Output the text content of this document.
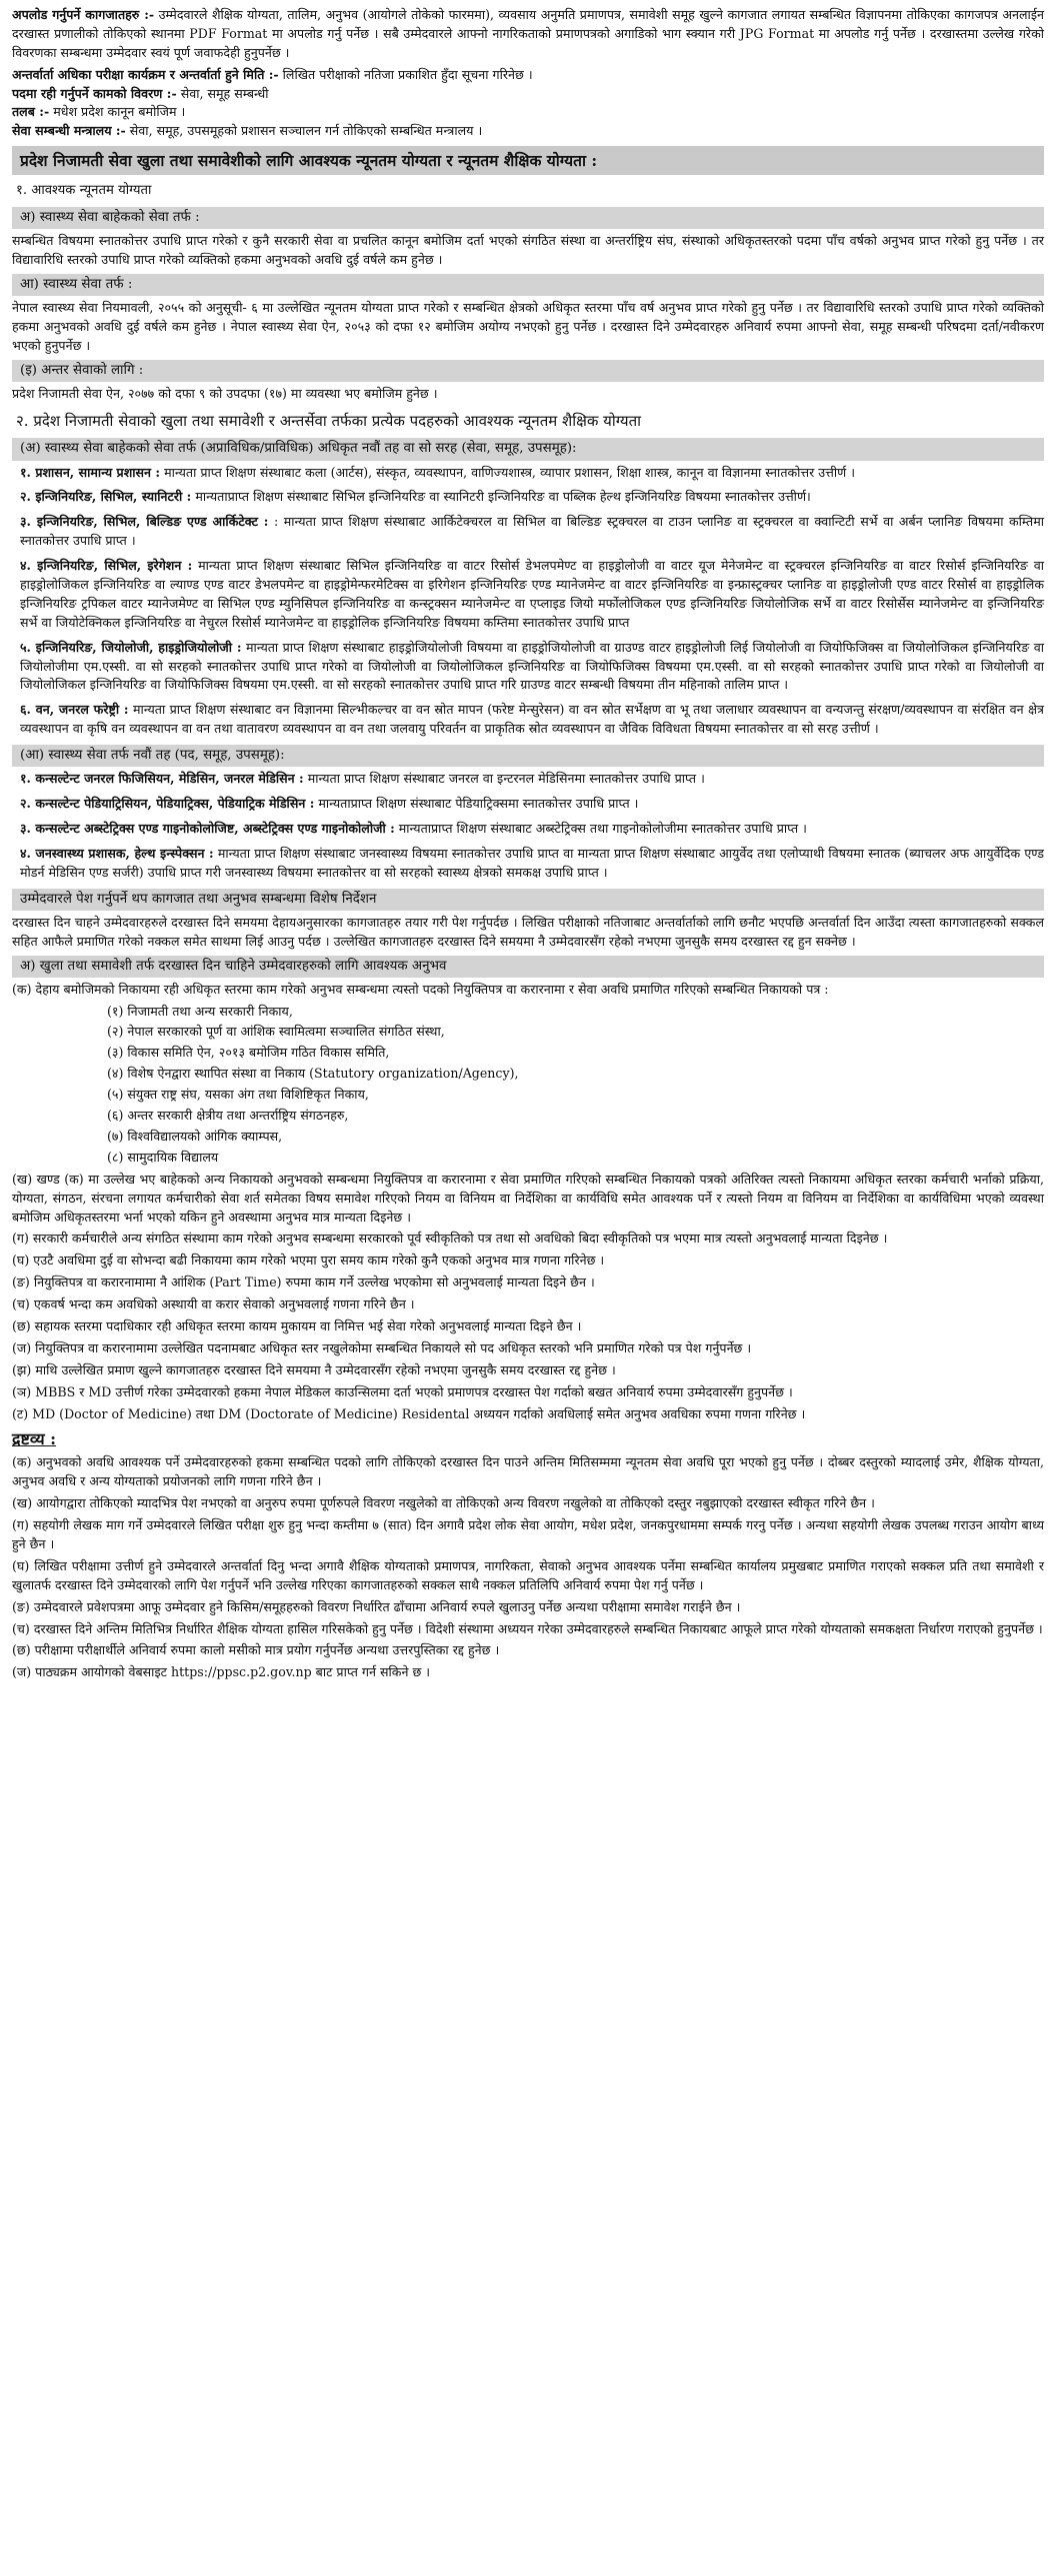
अपलोड गर्नुपर्ने कागजातहरु :- उम्मेदवारले शैक्षिक योग्यता, तालिम, अनुभव (आयोगले तोकेको फारममा), व्यवसाय अनुमति प्रमाणपत्र, समावेशी समूह खुल्ने कागजात लगायत सम्बन्धित विज्ञापनमा तोकिएका कागजपत्र अनलाईन दरखास्त प्रणालीको तोकिएको स्थानमा PDF Format मा अपलोड गर्नु पर्नेछ । सबै उम्मेदवारले आफ्नो नागरिकताको प्रमाणपत्रको अगाडिको भाग स्क्यान गरी JPG Format मा अपलोड गर्नु पर्नेछ । दरखास्तमा उल्लेख गरेको विवरणका सम्बन्धमा उम्मेदवार स्वयं पूर्ण जवाफदेही हुनुपर्नेछ ।

अन्तर्वार्ता अधिका परीक्षा कार्यक्रम र अन्तर्वार्ता हुने मिति :- लिखित परीक्षाको नतिजा प्रकाशित हुँदा सूचना गरिनेछ ।

पदमा रही गर्नुपर्ने कामको विवरण :- सेवा, समूह सम्बन्धी

तलब :- मधेश प्रदेश कानून बमोजिम ।

सेवा सम्बन्धी मन्त्रालय :- सेवा, समूह, उपसमूहको प्रशासन सञ्चालन गर्न तोकिएको सम्बन्धित मन्त्रालय ।

प्रदेश निजामती सेवा खुला तथा समावेशीको लागि आवश्यक न्यूनतम योग्यता र न्यूनतम शैक्षिक योग्यता :
१. आवश्यक न्यूनतम योग्यता
अ) स्वास्थ्य सेवा बाहेकको सेवा तर्फ :

सम्बन्धित विषयमा स्नातकोत्तर उपाधि प्राप्त गरेको र कुनै सरकारी सेवा वा प्रचलित कानून बमोजिम दर्ता भएको संगठित संस्था वा अन्तर्राष्ट्रिय संघ, संस्थाको अधिकृतस्तरको पदमा पाँच वर्षको अनुभव प्राप्त गरेको हुनु पर्नेछ । तर विद्यावारिधि स्तरको उपाधि प्राप्त गरेको व्यक्तिको हकमा अनुभवको अवधि दुई वर्षले कम हुनेछ ।

आ) स्वास्थ्य सेवा तर्फ :

नेपाल स्वास्थ्य सेवा नियमावली, २०५५ को अनुसूची- ६ मा उल्लेखित न्यूनतम योग्यता प्राप्त गरेको र सम्बन्धित क्षेत्रको अधिकृत स्तरमा पाँच वर्ष अनुभव प्राप्त गरेको हुनु पर्नेछ । तर विद्यावारिधि स्तरको उपाधि प्राप्त गरेको व्यक्तिको हकमा अनुभवको अवधि दुई वर्षले कम हुनेछ । नेपाल स्वास्थ्य सेवा ऐन, २०५३ को दफा १२ बमोजिम अयोग्य नभएको हुनु पर्नेछ । दरखास्त दिने उम्मेदवारहरु अनिवार्य रुपमा आफ्नो सेवा, समूह सम्बन्धी परिषदमा दर्ता/नवीकरण भएको हुनुपर्नेछ ।

(इ) अन्तर सेवाको लागि :

प्रदेश निजामती सेवा ऐन, २०७७ को दफा ९ को उपदफा (१७) मा व्यवस्था भए बमोजिम हुनेछ ।

२. प्रदेश निजामती सेवाको खुला तथा समावेशी र अन्तर्सेवा तर्फका प्रत्येक पदहरुको आवश्यक न्यूनतम शैक्षिक योग्यता
(अ) स्वास्थ्य सेवा बाहेकको सेवा तर्फ (अप्राविधिक/प्राविधिक) अधिकृत नवौं तह वा सो सरह (सेवा, समूह, उपसमूह):
१. प्रशासन, सामान्य प्रशासन : मान्यता प्राप्त शिक्षण संस्थाबाट कला (आर्टस), संस्कृत, व्यवस्थापन, वाणिज्यशास्त्र, व्यापार प्रशासन, शिक्षा शास्त्र, कानून वा विज्ञानमा स्नातकोत्तर उत्तीर्ण ।
२. इन्जिनियरिङ, सिभिल, स्यानिटरी : मान्यताप्राप्त शिक्षण संस्थाबाट सिभिल इन्जिनियरिङ वा स्यानिटरी इन्जिनियरिङ वा पब्लिक हेल्थ इन्जिनियरिङ विषयमा स्नातकोत्तर उत्तीर्ण।
३. इन्जिनियरिङ, सिभिल, बिल्डिङ एण्ड आर्किटेक्ट : : मान्यता प्राप्त शिक्षण संस्थाबाट आर्किटेक्चरल वा सिभिल वा बिल्डिङ स्ट्रक्चरल वा टाउन प्लानिङ वा स्ट्रक्चरल वा क्वान्टिटी सर्भे वा अर्बन प्लानिङ विषयमा कम्तिमा स्नातकोत्तर उपाधि प्राप्त ।
४. इन्जिनियरिङ, सिभिल, इरेगेशन : मान्यता प्राप्त शिक्षण संस्थाबाट सिभिल इन्जिनियरिङ वा वाटर रिसोर्स डेभलपमेण्ट वा हाइड्रोलोजी वा वाटर यूज मेनेजमेन्ट वा स्ट्रक्चरल इन्जिनियरिङ वा वाटर रिसोर्स इन्जिनियरिङ वा हाइड्रोलोजिकल इन्जिनियरिङ वा ल्याण्ड एण्ड वाटर डेभलपमेन्ट वा हाइड्रोमेन्फरमेटिक्स वा इरिगेशन इन्जिनियरिङ एण्ड म्यानेजमेन्ट वा वाटर इन्जिनियरिङ वा इन्फ्रास्ट्रक्चर प्लानिङ वा हाइड्रोलोजी एण्ड वाटर रिसोर्स वा हाइड्रोलिक इन्जिनियरिङ ट्रपिकल वाटर म्यानेजमेण्ट वा सिभिल एण्ड म्युनिसिपल इन्जिनियरिङ वा कन्स्ट्रक्सन म्यानेजमेन्ट वा एप्लाइड जियो मर्फोलोजिकल एण्ड इन्जिनियरिङ जियोलोजिक सर्भे वा वाटर रिसोर्सेस म्यानेजमेन्ट वा इन्जिनियरिङ सर्भे वा जियोटेक्निकल इन्जिनियरिङ वा नेचुरल रिसोर्स म्यानेजमेन्ट वा हाइड्रोलिक इन्जिनियरिङ विषयमा कम्तिमा स्नातकोत्तर उपाधि प्राप्त
५. इन्जिनियरिङ, जियोलोजी, हाइड्रोजियोलोजी : मान्यता प्राप्त शिक्षण संस्थाबाट हाइड्रोजियोलोजी विषयमा वा हाइड्रोजियोलोजी वा ग्राउण्ड वाटर हाइड्रोलोजी लिई जियोलोजी वा जियोफिजिक्स वा जियोलोजिकल इन्जिनियरिङ वा जियोलोजीमा एम.एस्सी. वा सो सरहको स्नातकोत्तर उपाधि प्राप्त गरेको वा जियोलोजी वा जियोलोजिकल इन्जिनियरिङ वा जियोफिजिक्स विषयमा एम.एस्सी. वा सो सरहको स्नातकोत्तर उपाधि प्राप्त गरेको वा जियोलोजी वा जियोलोजिकल इन्जिनियरिङ वा जियोफिजिक्स विषयमा एम.एस्सी. वा सो सरहको स्नातकोत्तर उपाधि प्राप्त गरि ग्राउण्ड वाटर सम्बन्धी विषयमा तीन महिनाको तालिम प्राप्त ।
६. वन, जनरल फरेष्ट्री : मान्यता प्राप्त शिक्षण संस्थाबाट वन विज्ञानमा सिल्भीकल्चर वा वन स्रोत मापन (फरेष्ट मेन्सुरेसन) वा वन स्रोत सर्भेक्षण वा भू तथा जलाधार व्यवस्थापन वा वन्यजन्तु संरक्षण/व्यवस्थापन वा संरक्षित वन क्षेत्र व्यवस्थापन वा कृषि वन व्यवस्थापन वा वन तथा वातावरण व्यवस्थापन वा वन तथा जलवायु परिवर्तन वा प्राकृतिक स्रोत व्यवस्थापन वा जैविक विविधता विषयमा स्नातकोत्तर वा सो सरह उत्तीर्ण ।
(आ) स्वास्थ्य सेवा तर्फ नवौं तह (पद, समूह, उपसमूह):
१. कन्सल्टेन्ट जनरल फिजिसियन, मेडिसिन, जनरल मेडिसिन : मान्यता प्राप्त शिक्षण संस्थाबाट जनरल वा इन्टरनल मेडिसिनमा स्नातकोत्तर उपाधि प्राप्त ।
२. कन्सल्टेन्ट पेडियाट्रिसियन, पेडियाट्रिक्स, पेडियाट्रिक मेडिसिन : मान्यताप्राप्त शिक्षण संस्थाबाट पेडियाट्रिक्समा स्नातकोत्तर उपाधि प्राप्त ।
३. कन्सल्टेन्ट अब्स्टेट्रिक्स एण्ड गाइनोकोलोजिष्ट, अब्स्टेट्रिक्स एण्ड गाइनोकोलोजी : मान्यताप्राप्त शिक्षण संस्थाबाट अब्स्टेट्रिक्स तथा गाइनोकोलोजीमा स्नातकोत्तर उपाधि प्राप्त ।
४. जनस्वास्थ्य प्रशासक, हेल्थ इन्स्पेक्सन : मान्यता प्राप्त शिक्षण संस्थाबाट जनस्वास्थ्य विषयमा स्नातकोत्तर उपाधि प्राप्त वा मान्यता प्राप्त शिक्षण संस्थाबाट आयुर्वेद तथा एलोप्याथी विषयमा स्नातक (ब्याचलर अफ आयुर्वेदिक एण्ड मोडर्न मेडिसिन एण्ड सर्जरी) उपाधि प्राप्त गरी जनस्वास्थ्य विषयमा स्नातकोत्तर वा सो सरहको स्वास्थ्य क्षेत्रको समकक्ष उपाधि प्राप्त ।
उम्मेदवारले पेश गर्नुपर्ने थप कागजात तथा अनुभव सम्बन्धमा विशेष निर्देशन

दरखास्त दिन चाहने उम्मेदवारहरुले दरखास्त दिने समयमा देहायअनुसारका कागजातहरु तयार गरी पेश गर्नुपर्दछ । लिखित परीक्षाको नतिजाबाट अन्तर्वार्ताको लागि छनौट भएपछि अन्तर्वार्ता दिन आउँदा त्यस्ता कागजातहरुको सक्कल सहित आफैले प्रमाणित गरेको नक्कल समेत साथमा लिई आउनु पर्दछ । उल्लेखित कागजातहरु दरखास्त दिने समयमा नै उम्मेदवारसँग रहेको नभएमा जुनसुकै समय दरखास्त रद्द हुन सक्नेछ ।

अ) खुला तथा समावेशी तर्फ दरखास्त दिन चाहिने उम्मेदवारहरुको लागि आवश्यक अनुभव

(क) देहाय बमोजिमको निकायमा रही अधिकृत स्तरमा काम गरेको अनुभव सम्बन्धमा त्यस्तो पदको नियुक्तिपत्र वा करारनामा र सेवा अवधि प्रमाणित गरिएको सम्बन्धित निकायको पत्र :

(१) निजामती तथा अन्य सरकारी निकाय,
(२) नेपाल सरकारको पूर्ण वा आंशिक स्वामित्वमा सञ्चालित संगठित संस्था,
(३) विकास समिति ऐन, २०१३ बमोजिम गठित विकास समिति,
(४) विशेष ऐनद्वारा स्थापित संस्था वा निकाय (Statutory organization/Agency),
(५) संयुक्त राष्ट्र संघ, यसका अंग तथा विशिष्टिकृत निकाय,
(६) अन्तर सरकारी क्षेत्रीय तथा अन्तर्राष्ट्रिय संगठनहरु,
(७) विश्वविद्यालयको आंगिक क्याम्पस,
(८) सामुदायिक विद्यालय

(ख) खण्ड (क) मा उल्लेख भए बाहेकको अन्य निकायको अनुभवको सम्बन्धमा नियुक्तिपत्र वा करारनामा र सेवा प्रमाणित गरिएको सम्बन्धित निकायको पत्रको अतिरिक्त त्यस्तो निकायमा अधिकृत स्तरका कर्मचारी भर्नाको प्रक्रिया, योग्यता, संगठन, संरचना लगायत कर्मचारीको सेवा शर्त समेतका विषय समावेश गरिएको नियम वा विनियम वा निर्देशिका वा कार्यविधि समेत आवश्यक पर्ने र त्यस्तो नियम वा विनियम वा निर्देशिका वा कार्यविधिमा भएको व्यवस्था बमोजिम अधिकृतस्तरमा भर्ना भएको यकिन हुने अवस्थामा अनुभव मात्र मान्यता दिइनेछ ।

(ग) सरकारी कर्मचारीले अन्य संगठित संस्थामा काम गरेको अनुभव सम्बन्धमा सरकारको पूर्व स्वीकृतिको पत्र तथा सो अवधिको बिदा स्वीकृतिको पत्र भएमा मात्र त्यस्तो अनुभवलाई मान्यता दिइनेछ ।

(घ) एउटै अवधिमा दुई वा सोभन्दा बढी निकायमा काम गरेको भएमा पुरा समय काम गरेको कुनै एकको अनुभव मात्र गणना गरिनेछ ।

(ङ) नियुक्तिपत्र वा करारनामामा नै आंशिक (Part Time) रुपमा काम गर्ने उल्लेख भएकोमा सो अनुभवलाई मान्यता दिइने छैन ।

(च) एकवर्ष भन्दा कम अवधिको अस्थायी वा करार सेवाको अनुभवलाई गणना गरिने छैन ।

(छ) सहायक स्तरमा पदाधिकार रही अधिकृत स्तरमा कायम मुकायम वा निमित्त भई सेवा गरेको अनुभवलाई मान्यता दिइने छैन ।

(ज) नियुक्तिपत्र वा करारनामामा उल्लेखित पदनामबाट अधिकृत स्तर नखुलेकोमा सम्बन्धित निकायले सो पद अधिकृत स्तरको भनि प्रमाणित गरेको पत्र पेश गर्नुपर्नेछ ।

(झ) माथि उल्लेखित प्रमाण खुल्ने कागजातहरु दरखास्त दिने समयमा नै उम्मेदवारसँग रहेको नभएमा जुनसुकै समय दरखास्त रद्द हुनेछ ।

(ञ) MBBS र MD उत्तीर्ण गरेका उम्मेदवारको हकमा नेपाल मेडिकल काउन्सिलमा दर्ता भएको प्रमाणपत्र दरखास्त पेश गर्दाको बखत अनिवार्य रुपमा उम्मेदवारसँग हुनुपर्नेछ ।

(ट) MD (Doctor of Medicine) तथा DM (Doctorate of Medicine) Residental अध्ययन गर्दाको अवधिलाई समेत अनुभव अवधिका रुपमा गणना गरिनेछ ।

द्रष्टव्य :

(क) अनुभवको अवधि आवश्यक पर्ने उम्मेदवारहरुको हकमा सम्बन्धित पदको लागि तोकिएको दरखास्त दिन पाउने अन्तिम मितिसम्ममा न्यूनतम सेवा अवधि पूरा भएको हुनु पर्नेछ । दोब्बर दस्तुरको म्यादलाई उमेर, शैक्षिक योग्यता, अनुभव अवधि र अन्य योग्यताको प्रयोजनको लागि गणना गरिने छैन ।

(ख) आयोगद्वारा तोकिएको म्यादभित्र पेश नभएको वा अनुरुप रुपमा पूर्णरुपले विवरण नखुलेको वा तोकिएको अन्य विवरण नखुलेको वा तोकिएको दस्तुर नबुझाएको दरखास्त स्वीकृत गरिने छैन ।

(ग) सहयोगी लेखक माग गर्ने उम्मेदवारले लिखित परीक्षा शुरु हुनु भन्दा कम्तीमा ७ (सात) दिन अगावै प्रदेश लोक सेवा आयोग, मधेश प्रदेश, जनकपुरधाममा सम्पर्क गरनु पर्नेछ । अन्यथा सहयोगी लेखक उपलब्ध गराउन आयोग बाध्य हुने छैन ।

(घ) लिखित परीक्षामा उत्तीर्ण हुने उम्मेदवारले अन्तर्वार्ता दिनु भन्दा अगावै शैक्षिक योग्यताको प्रमाणपत्र, नागरिकता, सेवाको अनुभव आवश्यक पर्नेमा सम्बन्धित कार्यालय प्रमुखबाट प्रमाणित गराएको सक्कल प्रति तथा समावेशी र खुलातर्फ दरखास्त दिने उम्मेदवारको लागि पेश गर्नुपर्ने भनि उल्लेख गरिएका कागजातहरुको सक्कल साथै नक्कल प्रतिलिपि अनिवार्य रुपमा पेश गर्नु पर्नेछ ।

(ङ) उम्मेदवारले प्रवेशपत्रमा आफू उम्मेदवार हुने किसिम/समूहहरुको विवरण निर्धारित ढाँचामा अनिवार्य रुपले खुलाउनु पर्नेछ अन्यथा परीक्षामा समावेश गराईने छैन ।

(च) दरखास्त दिने अन्तिम मितिभित्र निर्धारित शैक्षिक योग्यता हासिल गरिसकेको हुनु पर्नेछ । विदेशी संस्थामा अध्ययन गरेका उम्मेदवारहरुले सम्बन्धित निकायबाट आफूले प्राप्त गरेको योग्यताको समकक्षता निर्धारण गराएको हुनुपर्नेछ ।

(छ) परीक्षामा परीक्षार्थीले अनिवार्य रुपमा कालो मसीको मात्र प्रयोग गर्नुपर्नेछ अन्यथा उत्तरपुस्तिका रद्द हुनेछ ।

(ज) पाठ्यक्रम आयोगको वेबसाइट https://ppsc.p2.gov.np बाट प्राप्त गर्न सकिने छ ।
